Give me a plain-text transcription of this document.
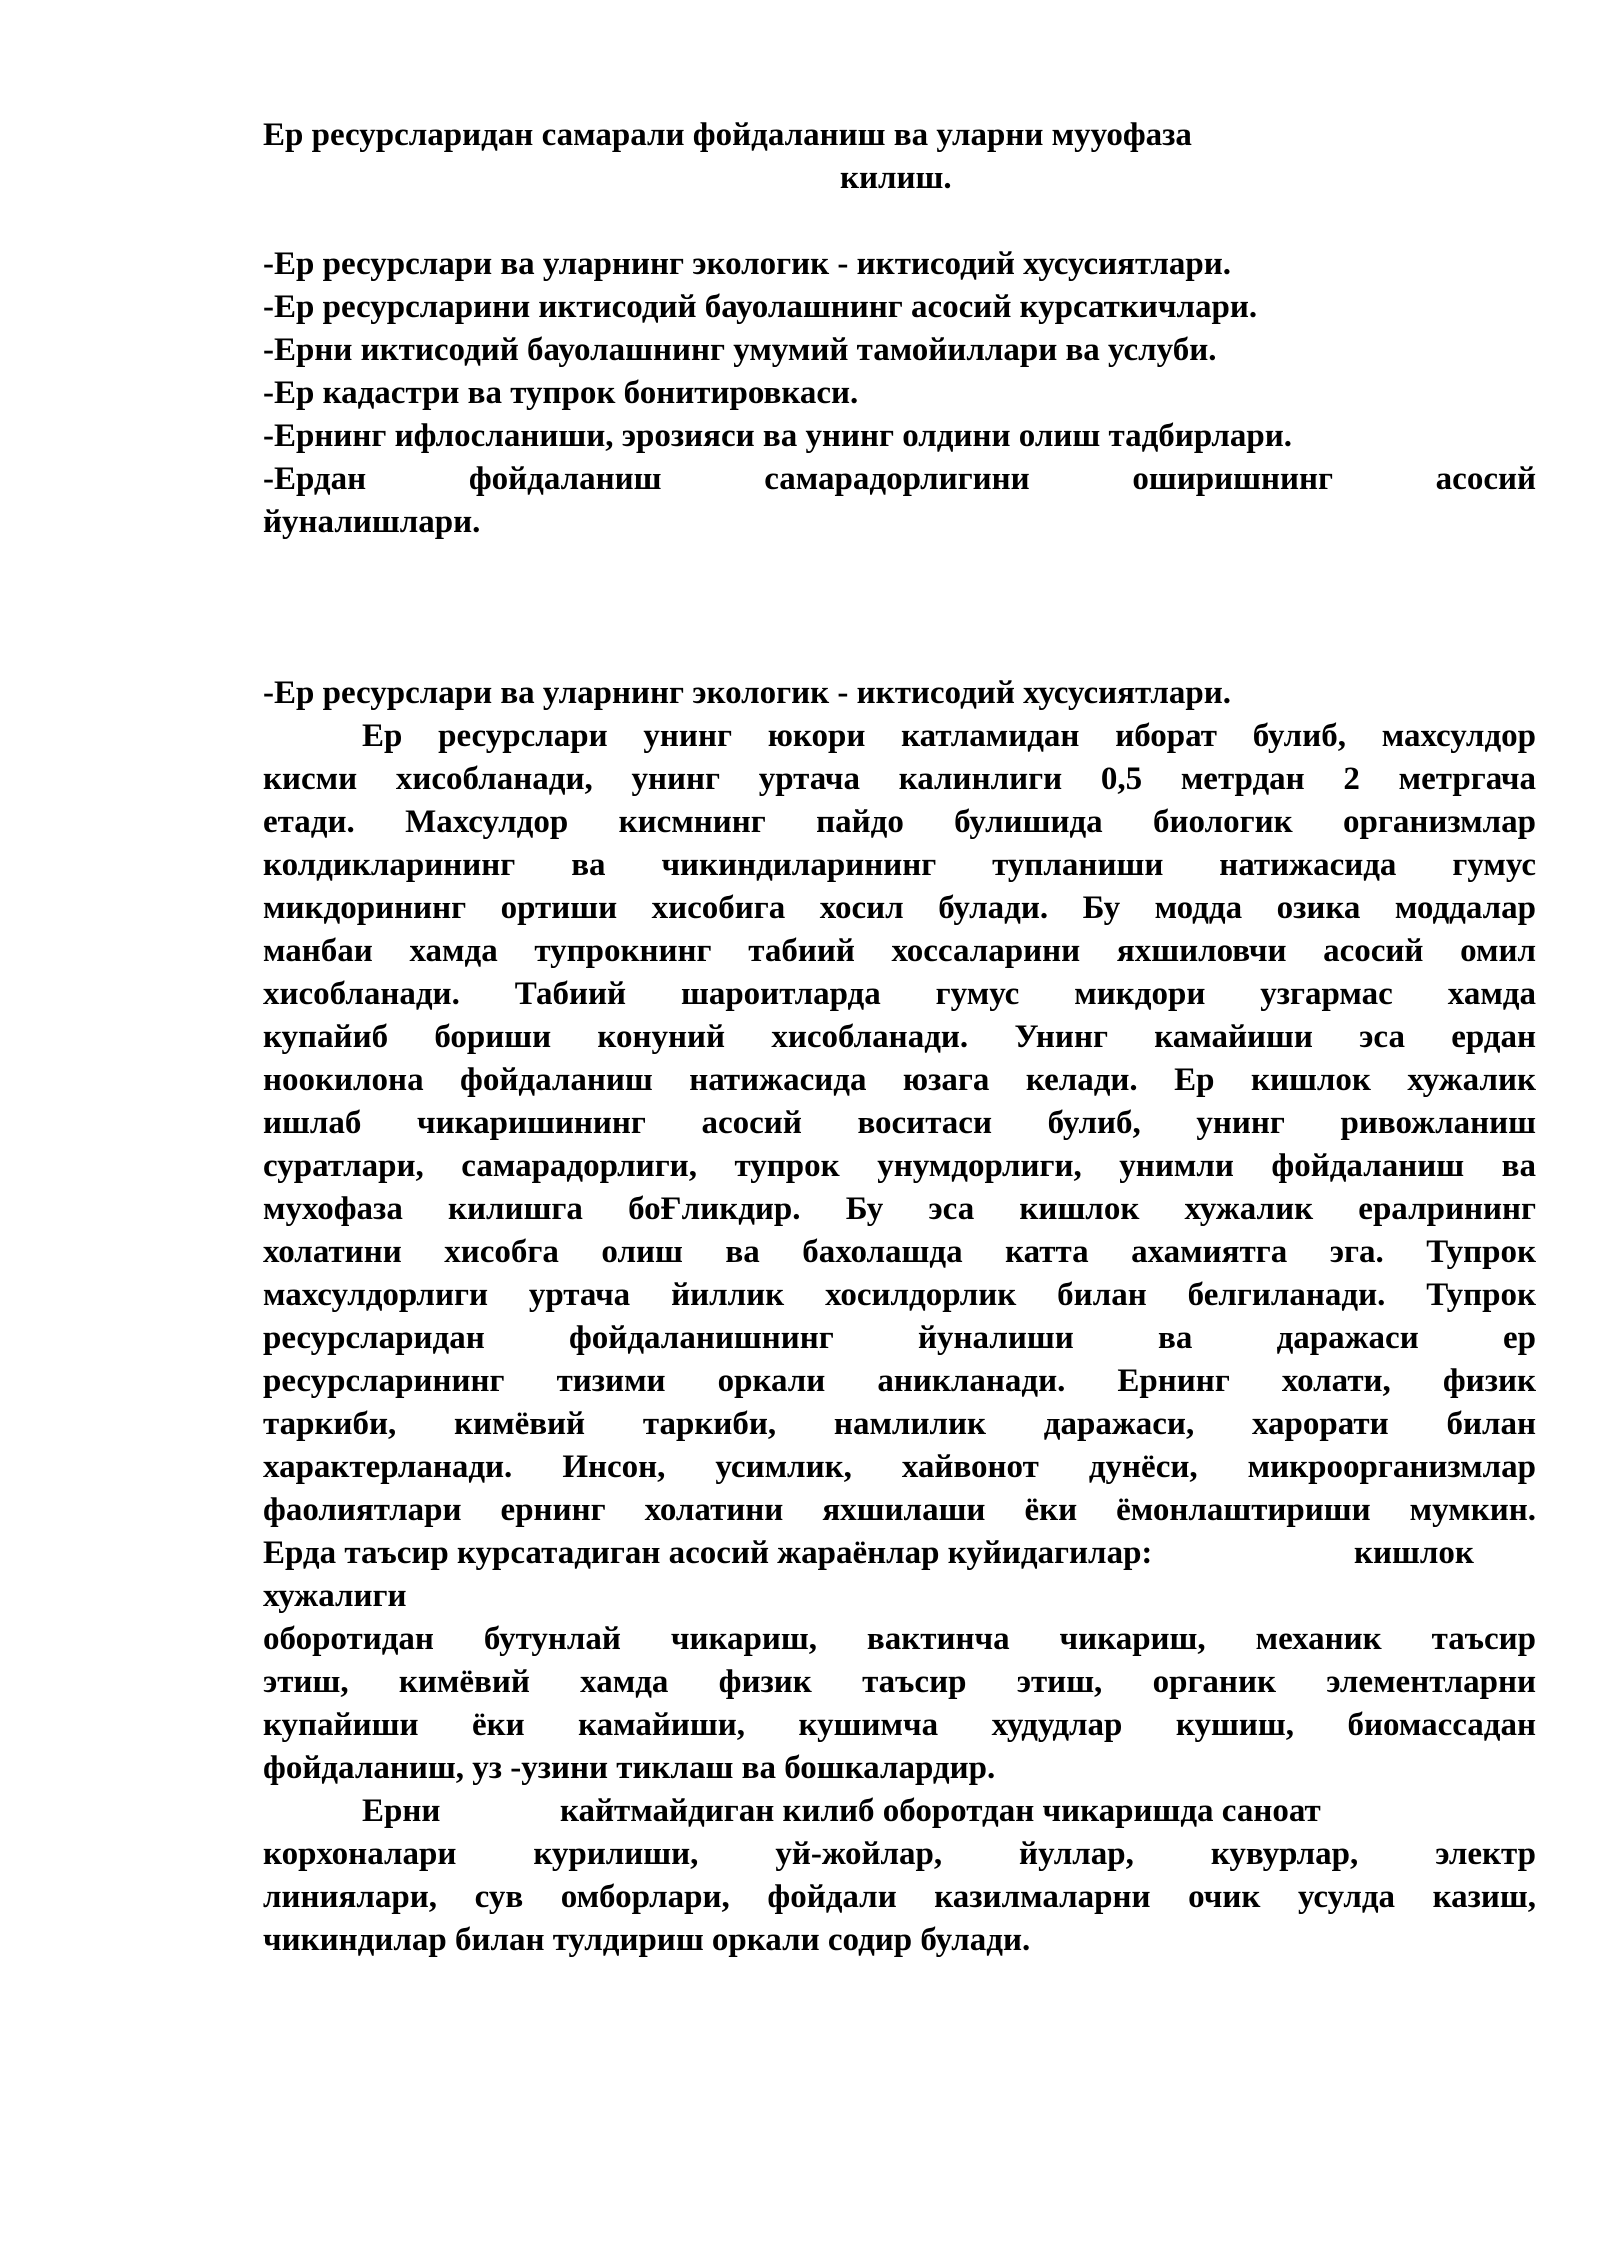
Ер ресурсларидан самарали фойдаланиш ва уларни мууофаза
килиш.
-Ер ресурслари ва уларнинг экологик - иктисодий хусусиятлари.
-Ер ресурсларини иктисодий бауолашнинг асосий курсаткичлари.
-Ерни иктисодий бауолашнинг умумий тамойиллари ва услуби.
-Ер кадастри ва тупрок бонитировкаси.
-Ернинг ифлосланиши, эрозияси ва унинг олдини олиш тадбирлари.
-Ердан фойдаланиш самарадорлигини оширишнинг асосий
йуналишлари.
-Ер ресурслари ва уларнинг экологик - иктисодий хусусиятлари.
Ер ресурслари унинг юкори катламидан иборат булиб, махсулдор
кисми хисобланади, унинг уртача калинлиги 0,5 метрдан 2 метргача
етади. Махсулдор кисмнинг пайдо булишида биологик организмлар
колдикларининг ва чикиндиларининг тупланиши натижасида гумус
микдорининг ортиши хисобига хосил булади. Бу модда озика моддалар
манбаи хамда тупрокнинг табиий хоссаларини яхшиловчи асосий омил
хисобланади. Табиий шароитларда гумус микдори узгармас хамда
купайиб бориши конуний хисобланади. Унинг камайиши эса ердан
ноокилона фойдаланиш натижасида юзага келади. Ер кишлок хужалик
ишлаб чикаришининг асосий воситаси булиб, унинг ривожланиш
суратлари, самарадорлиги, тупрок унумдорлиги, унимли фойдаланиш ва
мухофаза килишга боҒликдир. Бу эса кишлок хужалик ералрининг
холатини хисобга олиш ва бахолашда катта ахамиятга эга. Тупрок
махсулдорлиги уртача йиллик хосилдорлик билан белгиланади. Тупрок
ресурсларидан фойдаланишнинг йуналиши ва даражаси ер
ресурсларининг тизими оркали аникланади. Ернинг холати, физик
таркиби, кимёвий таркиби, намлилик даражаси, харорати билан
характерланади. Инсон, усимлик, хайвонот дунёси, микроорганизмлар
фаолиятлари ернинг холатини яхшилаши ёки ёмонлаштириши мумкин.
Ерда таъсир курсатадиган асосий жараёнлар куйидагилар:	кишлок
хужалиги
оборотидан бутунлай чикариш, вактинча чикариш, механик таъсир
этиш, кимёвий хамда физик таъсир этиш, органик элементларни
купайиши ёки камайиши, кушимча худудлар кушиш, биомассадан
фойдаланиш, уз -узини тиклаш ва бошкалардир.
Ерни	кайтмайдиган килиб оборотдан чикаришда саноат
корхоналари курилиши, уй-жойлар, йуллар, кувурлар, электр
линиялари, сув омборлари, фойдали казилмаларни очик усулда казиш,
чикиндилар билан тулдириш оркали содир булади.
